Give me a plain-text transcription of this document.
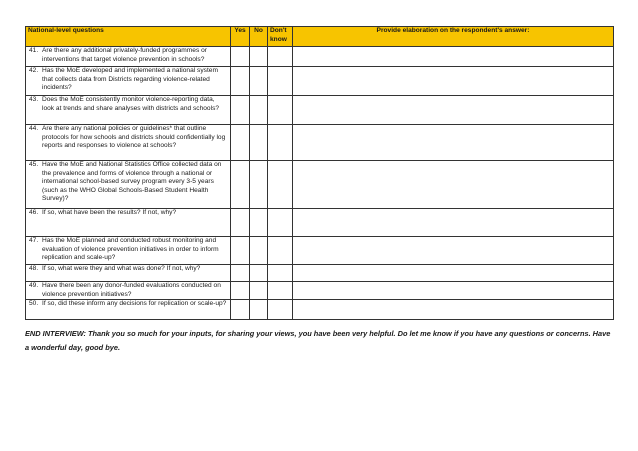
National-level questions	Yes	No	Don't know	Provide elaboration on the respondent's answer:

41. Are there any additional privately-funded programmes or interventions that target violence prevention in schools?				

42. Has the MoE developed and implemented a national system that collects data from Districts regarding violence-related incidents?				

43. Does the MoE consistently monitor violence-reporting data, look at trends and share analyses with districts and schools?				

44. Are there any national policies or guidelines* that outline protocols for how schools and districts should confidentially log reports and responses to violence at schools?				

45. Have the MoE and National Statistics Office collected data on the prevalence and forms of violence through a national or international school-based survey program every 3-5 years (such as the WHO Global Schools-Based Student Health Survey)?				

46. If so, what have been the results? If not, why?				

47. Has the MoE planned and conducted robust monitoring and evaluation of violence prevention initiatives in order to inform replication and scale-up?				

48. If so, what were they and what was done? If not, why?				

49. Have there been any donor-funded evaluations conducted on violence prevention initiatives?				

50. If so, did these inform any decisions for replication or scale-up?				

END INTERVIEW: Thank you so much for your inputs, for sharing your views, you have been very helpful. Do let me know if you have any questions or concerns. Have a wonderful day, good bye.
